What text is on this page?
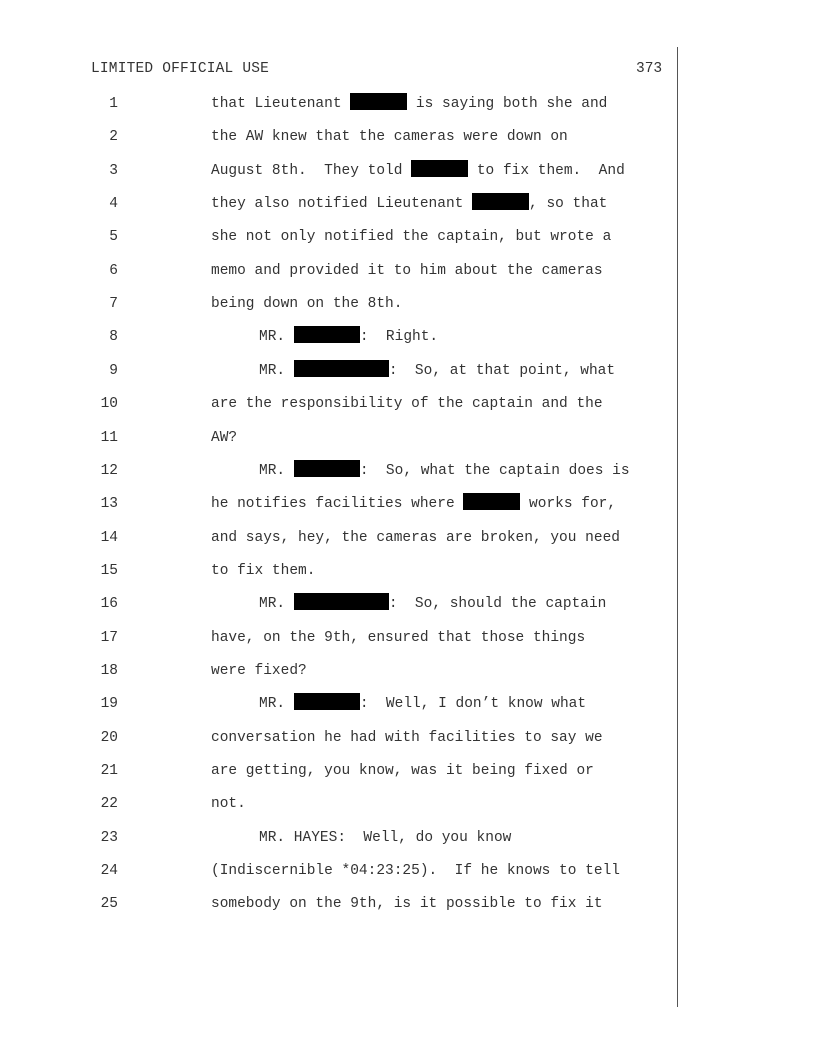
LIMITED OFFICIAL USE	373
1	that Lieutenant	is saying both she and
2	the AW knew that the cameras were down on
3	August 8th.  They told	to fix them.  And
4	they also notified Lieutenant	, so that
5	she not only notified the captain, but wrote a
6	memo and provided it to him about the cameras
7	being down on the 8th.
8	MR.	:  Right.
9	MR.	:  So, at that point, what
10	are the responsibility of the captain and the
11	AW?
12	MR.	:  So, what the captain does is
13	he notifies facilities where	works for,
14	and says, hey, the cameras are broken, you need
15	to fix them.
16	MR.	:  So, should the captain
17	have, on the 9th, ensured that those things
18	were fixed?
19	MR.	:  Well, I don’t know what
20	conversation he had with facilities to say we
21	are getting, you know, was it being fixed or
22	not.
23	MR. HAYES:  Well, do you know
24	(Indiscernible *04:23:25).  If he knows to tell
25	somebody on the 9th, is it possible to fix it
